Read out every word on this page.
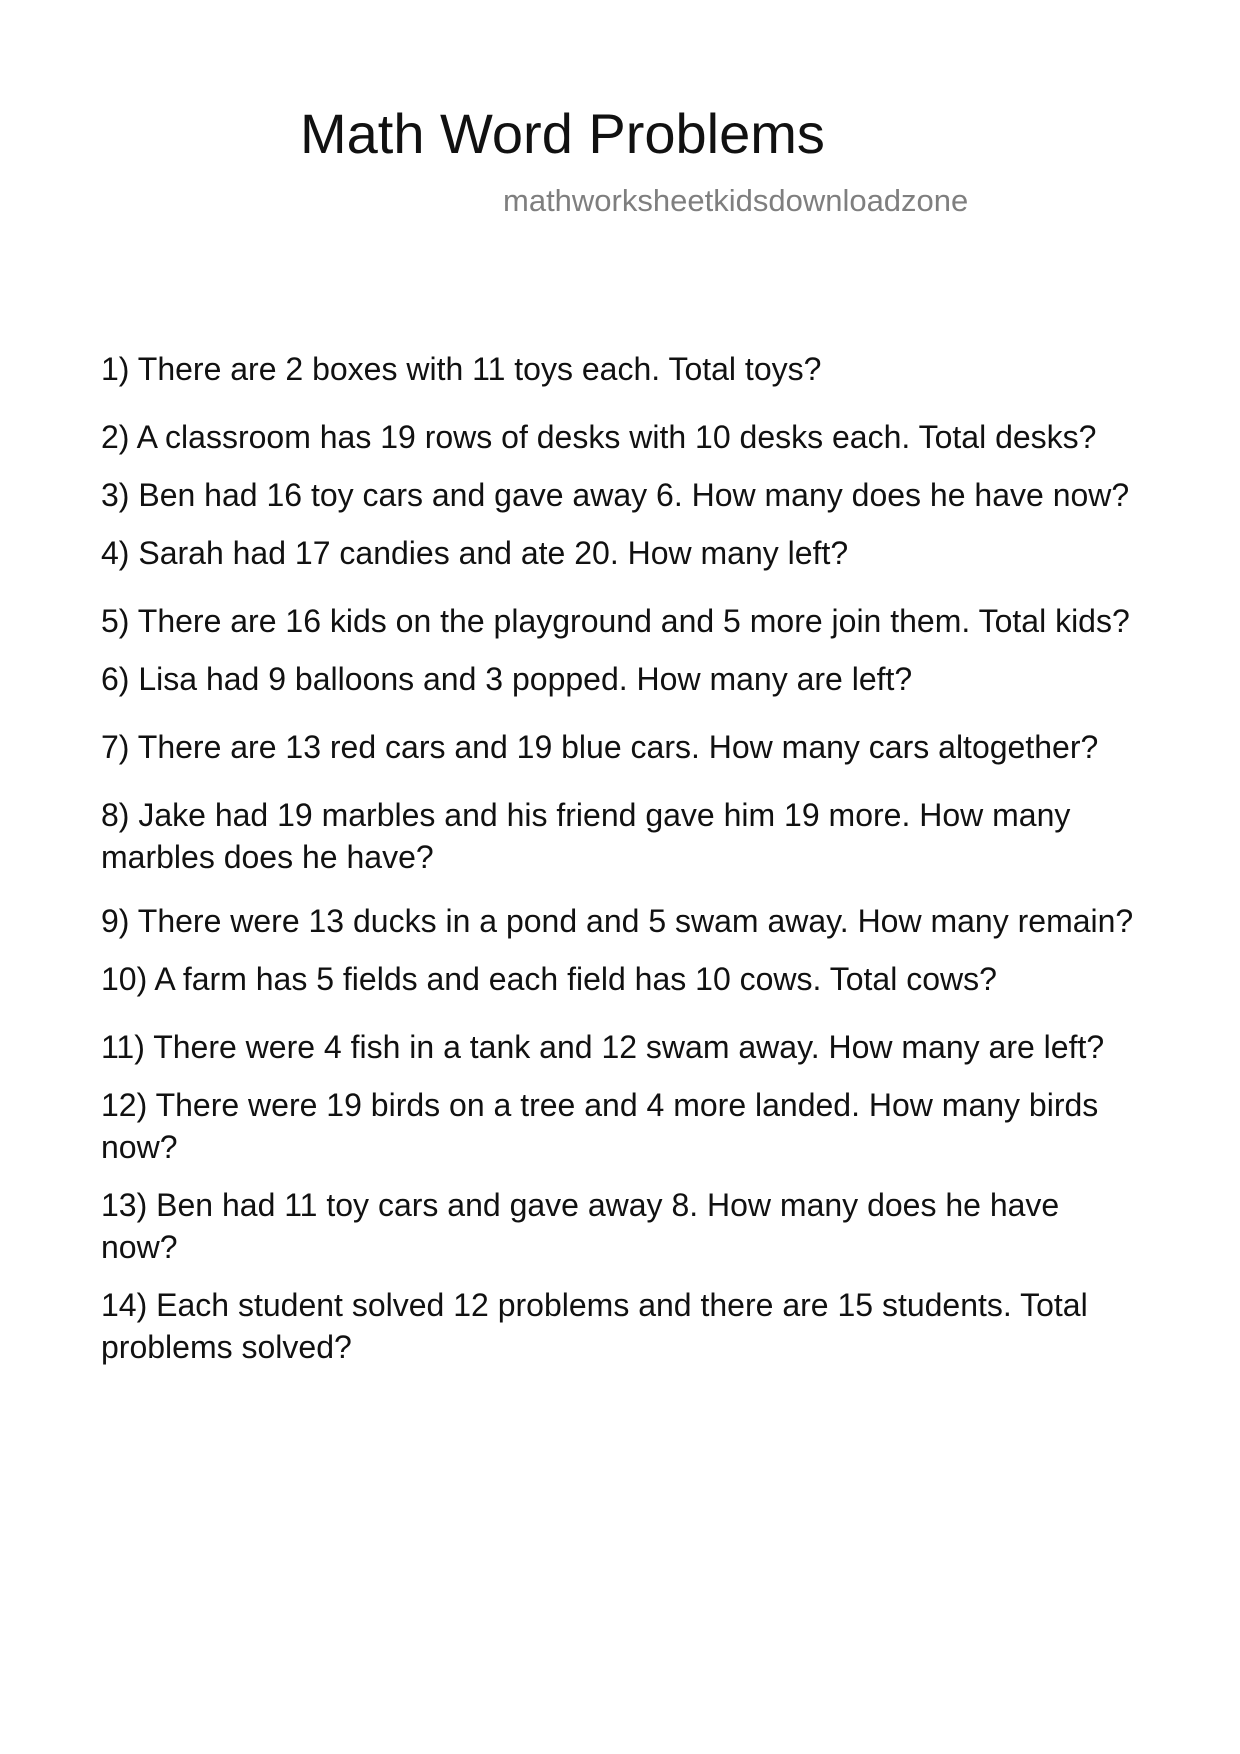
Math Word Problems

mathworksheetkidsdownloadzone

1) There are 2 boxes with 11 toys each. Total toys?
2) A classroom has 19 rows of desks with 10 desks each. Total desks?
3) Ben had 16 toy cars and gave away 6. How many does he have now?
4) Sarah had 17 candies and ate 20. How many left?
5) There are 16 kids on the playground and 5 more join them. Total kids?
6) Lisa had 9 balloons and 3 popped. How many are left?
7) There are 13 red cars and 19 blue cars. How many cars altogether?
8) Jake had 19 marbles and his friend gave him 19 more. How many marbles does he have?
9) There were 13 ducks in a pond and 5 swam away. How many remain?
10) A farm has 5 fields and each field has 10 cows. Total cows?
11) There were 4 fish in a tank and 12 swam away. How many are left?
12) There were 19 birds on a tree and 4 more landed. How many birds now?
13) Ben had 11 toy cars and gave away 8. How many does he have now?
14) Each student solved 12 problems and there are 15 students. Total problems solved?
